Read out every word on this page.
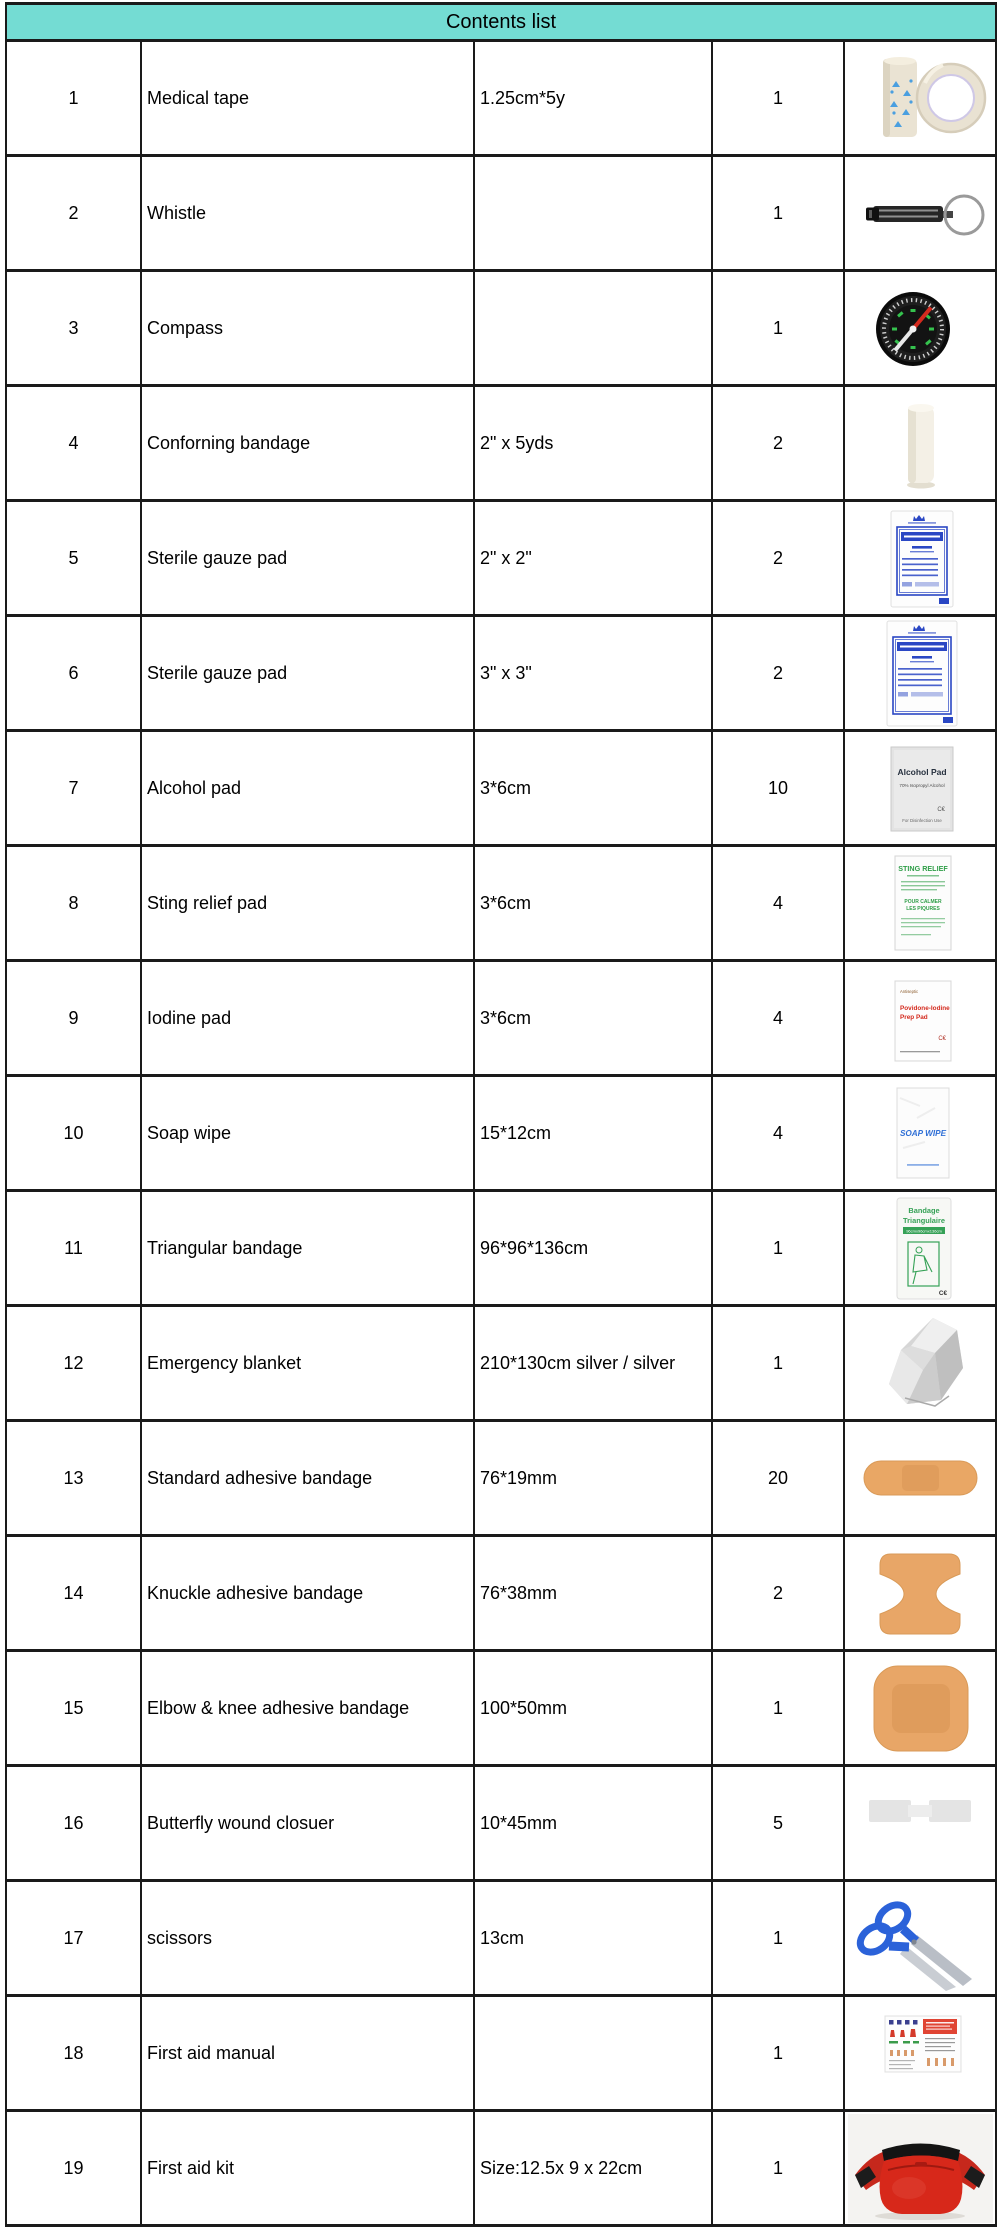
Contents list				
1	Medical tape	1.25cm*5y	1	

2	Whistle		1	

3	Compass		1	

4	Conforning bandage	2" x 5yds	2	

5	Sterile gauze pad	2" x 2"	2	

6	Sterile gauze pad	3" x 3"	2	

7	Alcohol pad	3*6cm	10	Alcohol Pad
70% Isopropyl Alcohol
C€
For Disinfection Use

8	Sting relief pad	3*6cm	4	STING RELIEF
POUR CALMER
LES PIQURES

9	Iodine pad	3*6cm	4	Antiseptic
Povidone-Iodine
Prep Pad
C€

10	Soap wipe	15*12cm	4	SOAP WIPE

11	Triangular bandage	96*96*136cm	1	Bandage
Triangulaire
96cmx96cmx136cm
C€

12	Emergency blanket	210*130cm silver / silver	1	

13	Standard adhesive bandage	76*19mm	20	

14	Knuckle adhesive bandage	76*38mm	2	

15	Elbow & knee adhesive bandage	100*50mm	1	

16	Butterfly wound closuer	10*45mm	5	

17	scissors	13cm	1	

18	First aid manual		1	

19	First aid kit	Size:12.5x 9 x 22cm	1	
